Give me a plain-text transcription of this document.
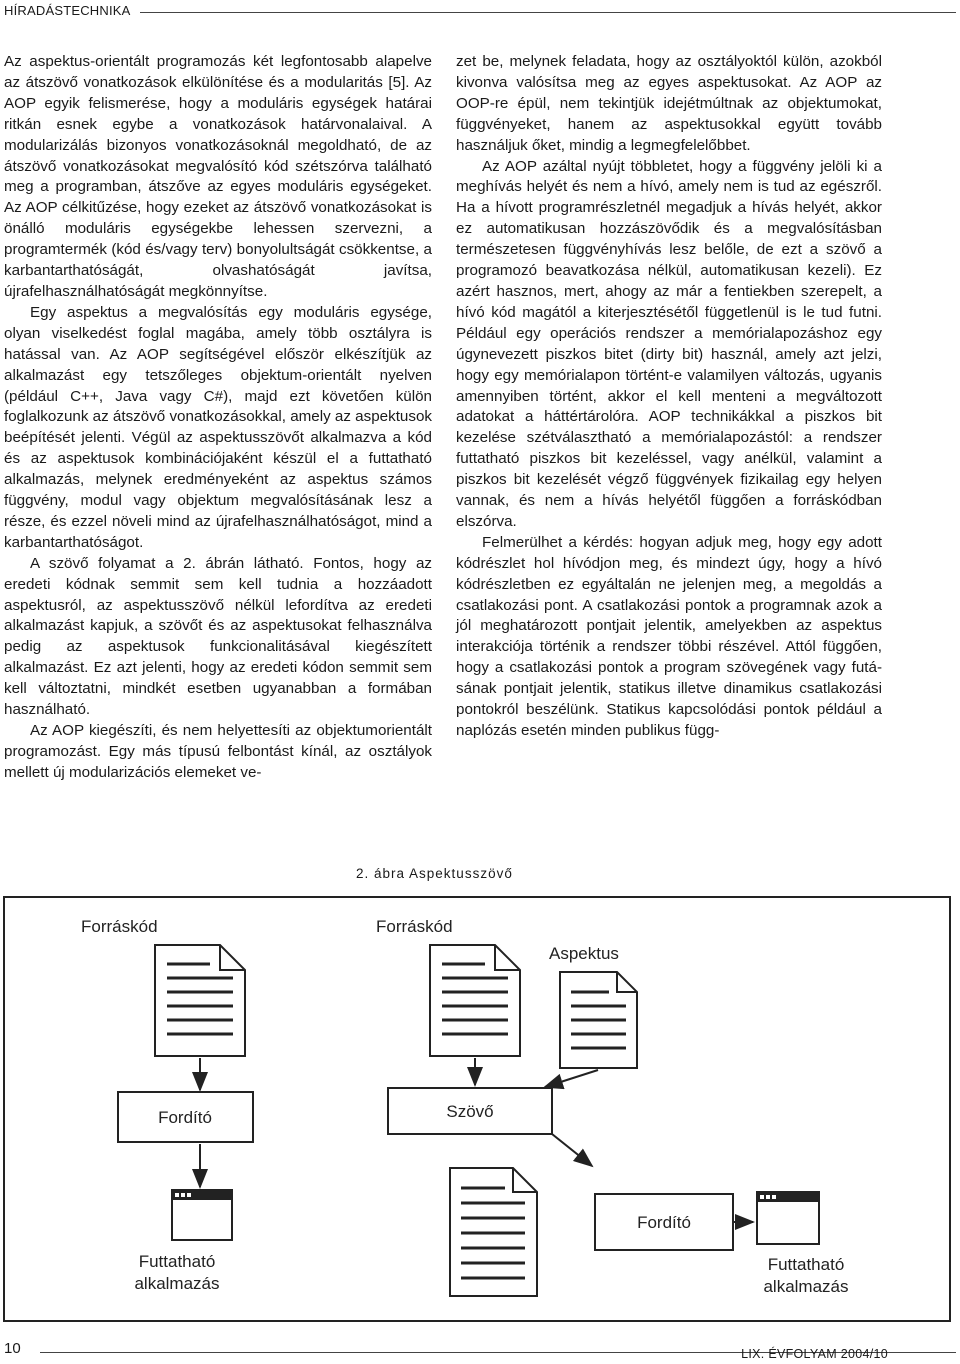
HÍRADÁSTECHNIKA

Az aspektus-orientált programozás két legfontosabb alapelve az átszövő vonatkozások elkülönítése és a modularitás [5]. Az AOP egyik felismerése, hogy a moduláris egységek határai ritkán esnek egybe a vonatkozások határvonalaival. A modularizálás bizonyos vonatkozásoknál megoldható, de az átszövő vonatkozásokat megvalósító kód szétszórva található meg a programban, átszőve az egyes moduláris egységeket. Az AOP célkitűzése, hogy ezeket az átszövő vonatkozásokat is önálló moduláris egységekbe lehessen szervezni, a programtermék (kód és/vagy terv) bonyolultságát csökkentse, a karbantarthatóságát, olvashatóságát javítsa, újrafelhasználhatóságát megkönnyítse.

Egy aspektus a megvalósítás egy moduláris egysége, olyan viselkedést foglal magába, amely több osztályra is hatással van. Az AOP segítségével először elkészítjük az alkalmazást egy tetszőleges objektum-orientált nyelven (például C++, Java vagy C#), majd ezt követően külön foglalkozunk az átszövő vonatkozásokkal, amely az aspektusok beépítését jelenti. Végül az aspektusszövőt alkalmazva a kód és az aspektusok kombinációjaként készül el a futtatható alkalmazás, melynek eredményeként az aspektus számos függvény, modul vagy objektum megvalósításának lesz a része, és ezzel növeli mind az újrafelhasználhatóságot, mind a karbantarthatóságot.

A szövő folyamat a 2. ábrán látható. Fontos, hogy az eredeti kódnak semmit sem kell tudnia a hozzáadott aspektusról, az aspektusszövő nélkül lefordítva az eredeti alkalmazást kapjuk, a szövőt és az aspektusokat felhasználva pedig az aspektusok funkcionalitásával kiegészített alkalmazást. Ez azt jelenti, hogy az eredeti kódon semmit sem kell változtatni, mindkét esetben ugyanabban a formában használható.

Az AOP kiegészíti, és nem helyettesíti az objektumorientált programozást. Egy más típusú felbontást kínál, az osztályok mellett új modularizációs elemeket ve-

zet be, melynek feladata, hogy az osztályoktól külön, azokból kivonva valósítsa meg az egyes aspektusokat. Az AOP az OOP-re épül, nem tekintjük idejétmúltnak az objektumokat, függvényeket, hanem az aspektusokkal együtt tovább használjuk őket, mindig a legmegfelelőbbet.

Az AOP azáltal nyújt többletet, hogy a függvény jelöli ki a meghívás helyét és nem a hívó, amely nem is tud az egészről. Ha a hívott programrészletnél megadjuk a hívás helyét, akkor ez automatikusan hozzászövődik és a megvalósításban természetesen függvényhívás lesz belőle, de ezt a szövő a programozó beavatkozása nélkül, automatikusan kezeli). Ez azért hasznos, mert, ahogy az már a fentiekben szerepelt, a hívó kód magától a kiterjesztésétől függetlenül is le tud futni. Például egy operációs rendszer a memórialapozáshoz egy úgynevezett piszkos bitet (dirty bit) használ, amely azt jelzi, hogy egy memórialapon történt-e valamilyen változás, ugyanis amennyiben történt, akkor el kell menteni a megváltozott adatokat a háttértárolóra. AOP technikákkal a piszkos bit kezelése szétválasztható a memórialapozástól: a rendszer futtatható piszkos bit kezeléssel, vagy anélkül, valamint a piszkos bit kezelését végző függvények fizikailag egy helyen vannak, és nem a hívás helyétől függően a forráskódban elszórva.

Felmerülhet a kérdés: hogyan adjuk meg, hogy egy adott kódrészlet hol hívódjon meg, és mindezt úgy, hogy a hívó kódrészletben ez egyáltalán ne jelenjen meg, a megoldás a csatlakozási pont. A csatlakozási pontok a programnak azok a jól meghatározott pontjait jelentik, amelyekben az aspektus interakciója történik a rendszer többi részével. Attól függően, hogy a csatlakozási pontok a program szövegének vagy futásának pontjait jelentik, statikus illetve dinamikus csatlakozási pontokról beszélünk. Statikus kapcsolódási pontok például a naplózás esetén minden publikus függ-

2. ábra Aspektusszövő
Forráskód
Fordító
Futtatható
alkalmazás
Forráskód
Aspektus
Szövő
Fordító
Futtatható
alkalmazás
10	LIX. ÉVFOLYAM 2004/10
